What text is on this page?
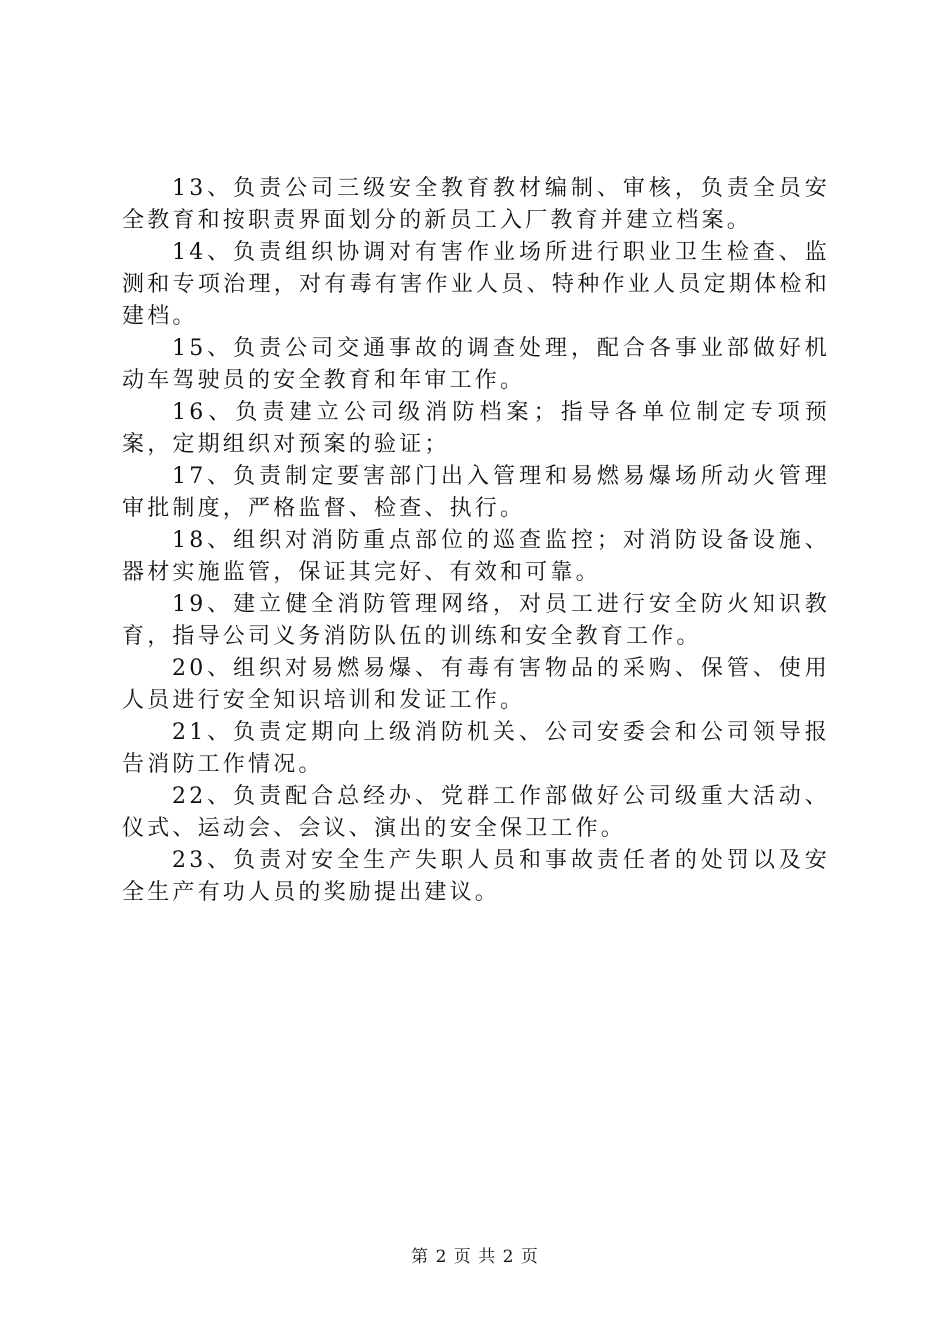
13、负责公司三级安全教育教材编制、审核，负责全员安全教育和按职责界面划分的新员工入厂教育并建立档案。

14、负责组织协调对有害作业场所进行职业卫生检查、监测和专项治理，对有毒有害作业人员、特种作业人员定期体检和建档。

15、负责公司交通事故的调查处理，配合各事业部做好机动车驾驶员的安全教育和年审工作。

16、负责建立公司级消防档案；指导各单位制定专项预案，定期组织对预案的验证；

17、负责制定要害部门出入管理和易燃易爆场所动火管理审批制度，严格监督、检查、执行。

18、组织对消防重点部位的巡查监控；对消防设备设施、器材实施监管，保证其完好、有效和可靠。

19、建立健全消防管理网络，对员工进行安全防火知识教育，指导公司义务消防队伍的训练和安全教育工作。

20、组织对易燃易爆、有毒有害物品的采购、保管、使用人员进行安全知识培训和发证工作。

21、负责定期向上级消防机关、公司安委会和公司领导报告消防工作情况。

22、负责配合总经办、党群工作部做好公司级重大活动、仪式、运动会、会议、演出的安全保卫工作。

23、负责对安全生产失职人员和事故责任者的处罚以及安全生产有功人员的奖励提出建议。

第 2 页 共 2 页
